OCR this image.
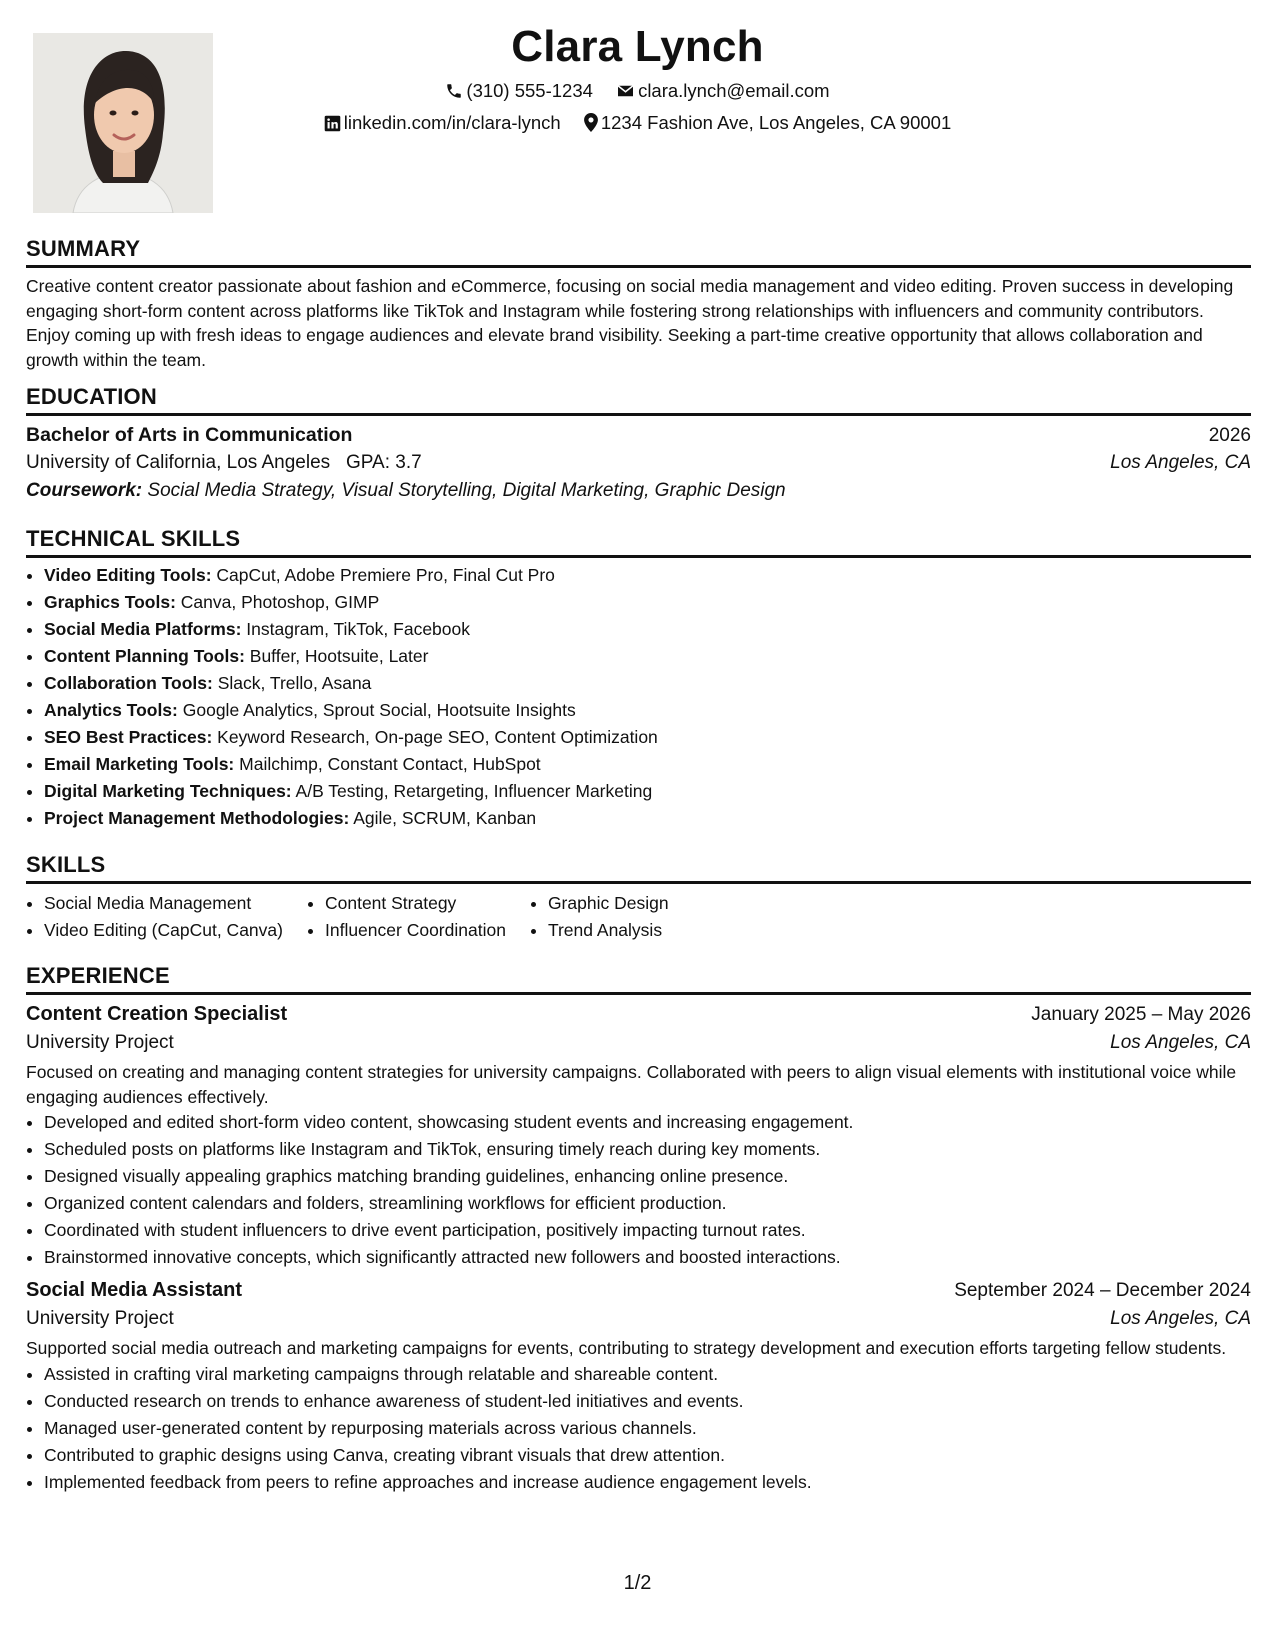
Clara Lynch
(310) 555-1234 clara.lynch@email.com
linkedin.com/in/clara-lynch 1234 Fashion Ave, Los Angeles, CA 90001
SUMMARY
Creative content creator passionate about fashion and eCommerce, focusing on social media management and video editing. Proven success in developing engaging short-form content across platforms like TikTok and Instagram while fostering strong relationships with influencers and community contributors. Enjoy coming up with fresh ideas to engage audiences and elevate brand visibility. Seeking a part-time creative opportunity that allows collaboration and growth within the team.
EDUCATION
Bachelor of Arts in Communication	2026
University of California, Los Angeles GPA: 3.7	Los Angeles, CA
Coursework: Social Media Strategy, Visual Storytelling, Digital Marketing, Graphic Design
TECHNICAL SKILLS
• Video Editing Tools: CapCut, Adobe Premiere Pro, Final Cut Pro
• Graphics Tools: Canva, Photoshop, GIMP
• Social Media Platforms: Instagram, TikTok, Facebook
• Content Planning Tools: Buffer, Hootsuite, Later
• Collaboration Tools: Slack, Trello, Asana
• Analytics Tools: Google Analytics, Sprout Social, Hootsuite Insights
• SEO Best Practices: Keyword Research, On-page SEO, Content Optimization
• Email Marketing Tools: Mailchimp, Constant Contact, HubSpot
• Digital Marketing Techniques: A/B Testing, Retargeting, Influencer Marketing
• Project Management Methodologies: Agile, SCRUM, Kanban
SKILLS
• Social Media Management
• Video Editing (CapCut, Canva)
• Content Strategy
• Influencer Coordination
• Graphic Design
• Trend Analysis
EXPERIENCE
Content Creation Specialist	January 2025 – May 2026
University Project	Los Angeles, CA
Focused on creating and managing content strategies for university campaigns. Collaborated with peers to align visual elements with institutional voice while engaging audiences effectively.
• Developed and edited short-form video content, showcasing student events and increasing engagement.
• Scheduled posts on platforms like Instagram and TikTok, ensuring timely reach during key moments.
• Designed visually appealing graphics matching branding guidelines, enhancing online presence.
• Organized content calendars and folders, streamlining workflows for efficient production.
• Coordinated with student influencers to drive event participation, positively impacting turnout rates.
• Brainstormed innovative concepts, which significantly attracted new followers and boosted interactions.
Social Media Assistant	September 2024 – December 2024
University Project	Los Angeles, CA
Supported social media outreach and marketing campaigns for events, contributing to strategy development and execution efforts targeting fellow students.
• Assisted in crafting viral marketing campaigns through relatable and shareable content.
• Conducted research on trends to enhance awareness of student-led initiatives and events.
• Managed user-generated content by repurposing materials across various channels.
• Contributed to graphic designs using Canva, creating vibrant visuals that drew attention.
• Implemented feedback from peers to refine approaches and increase audience engagement levels.
1/2
